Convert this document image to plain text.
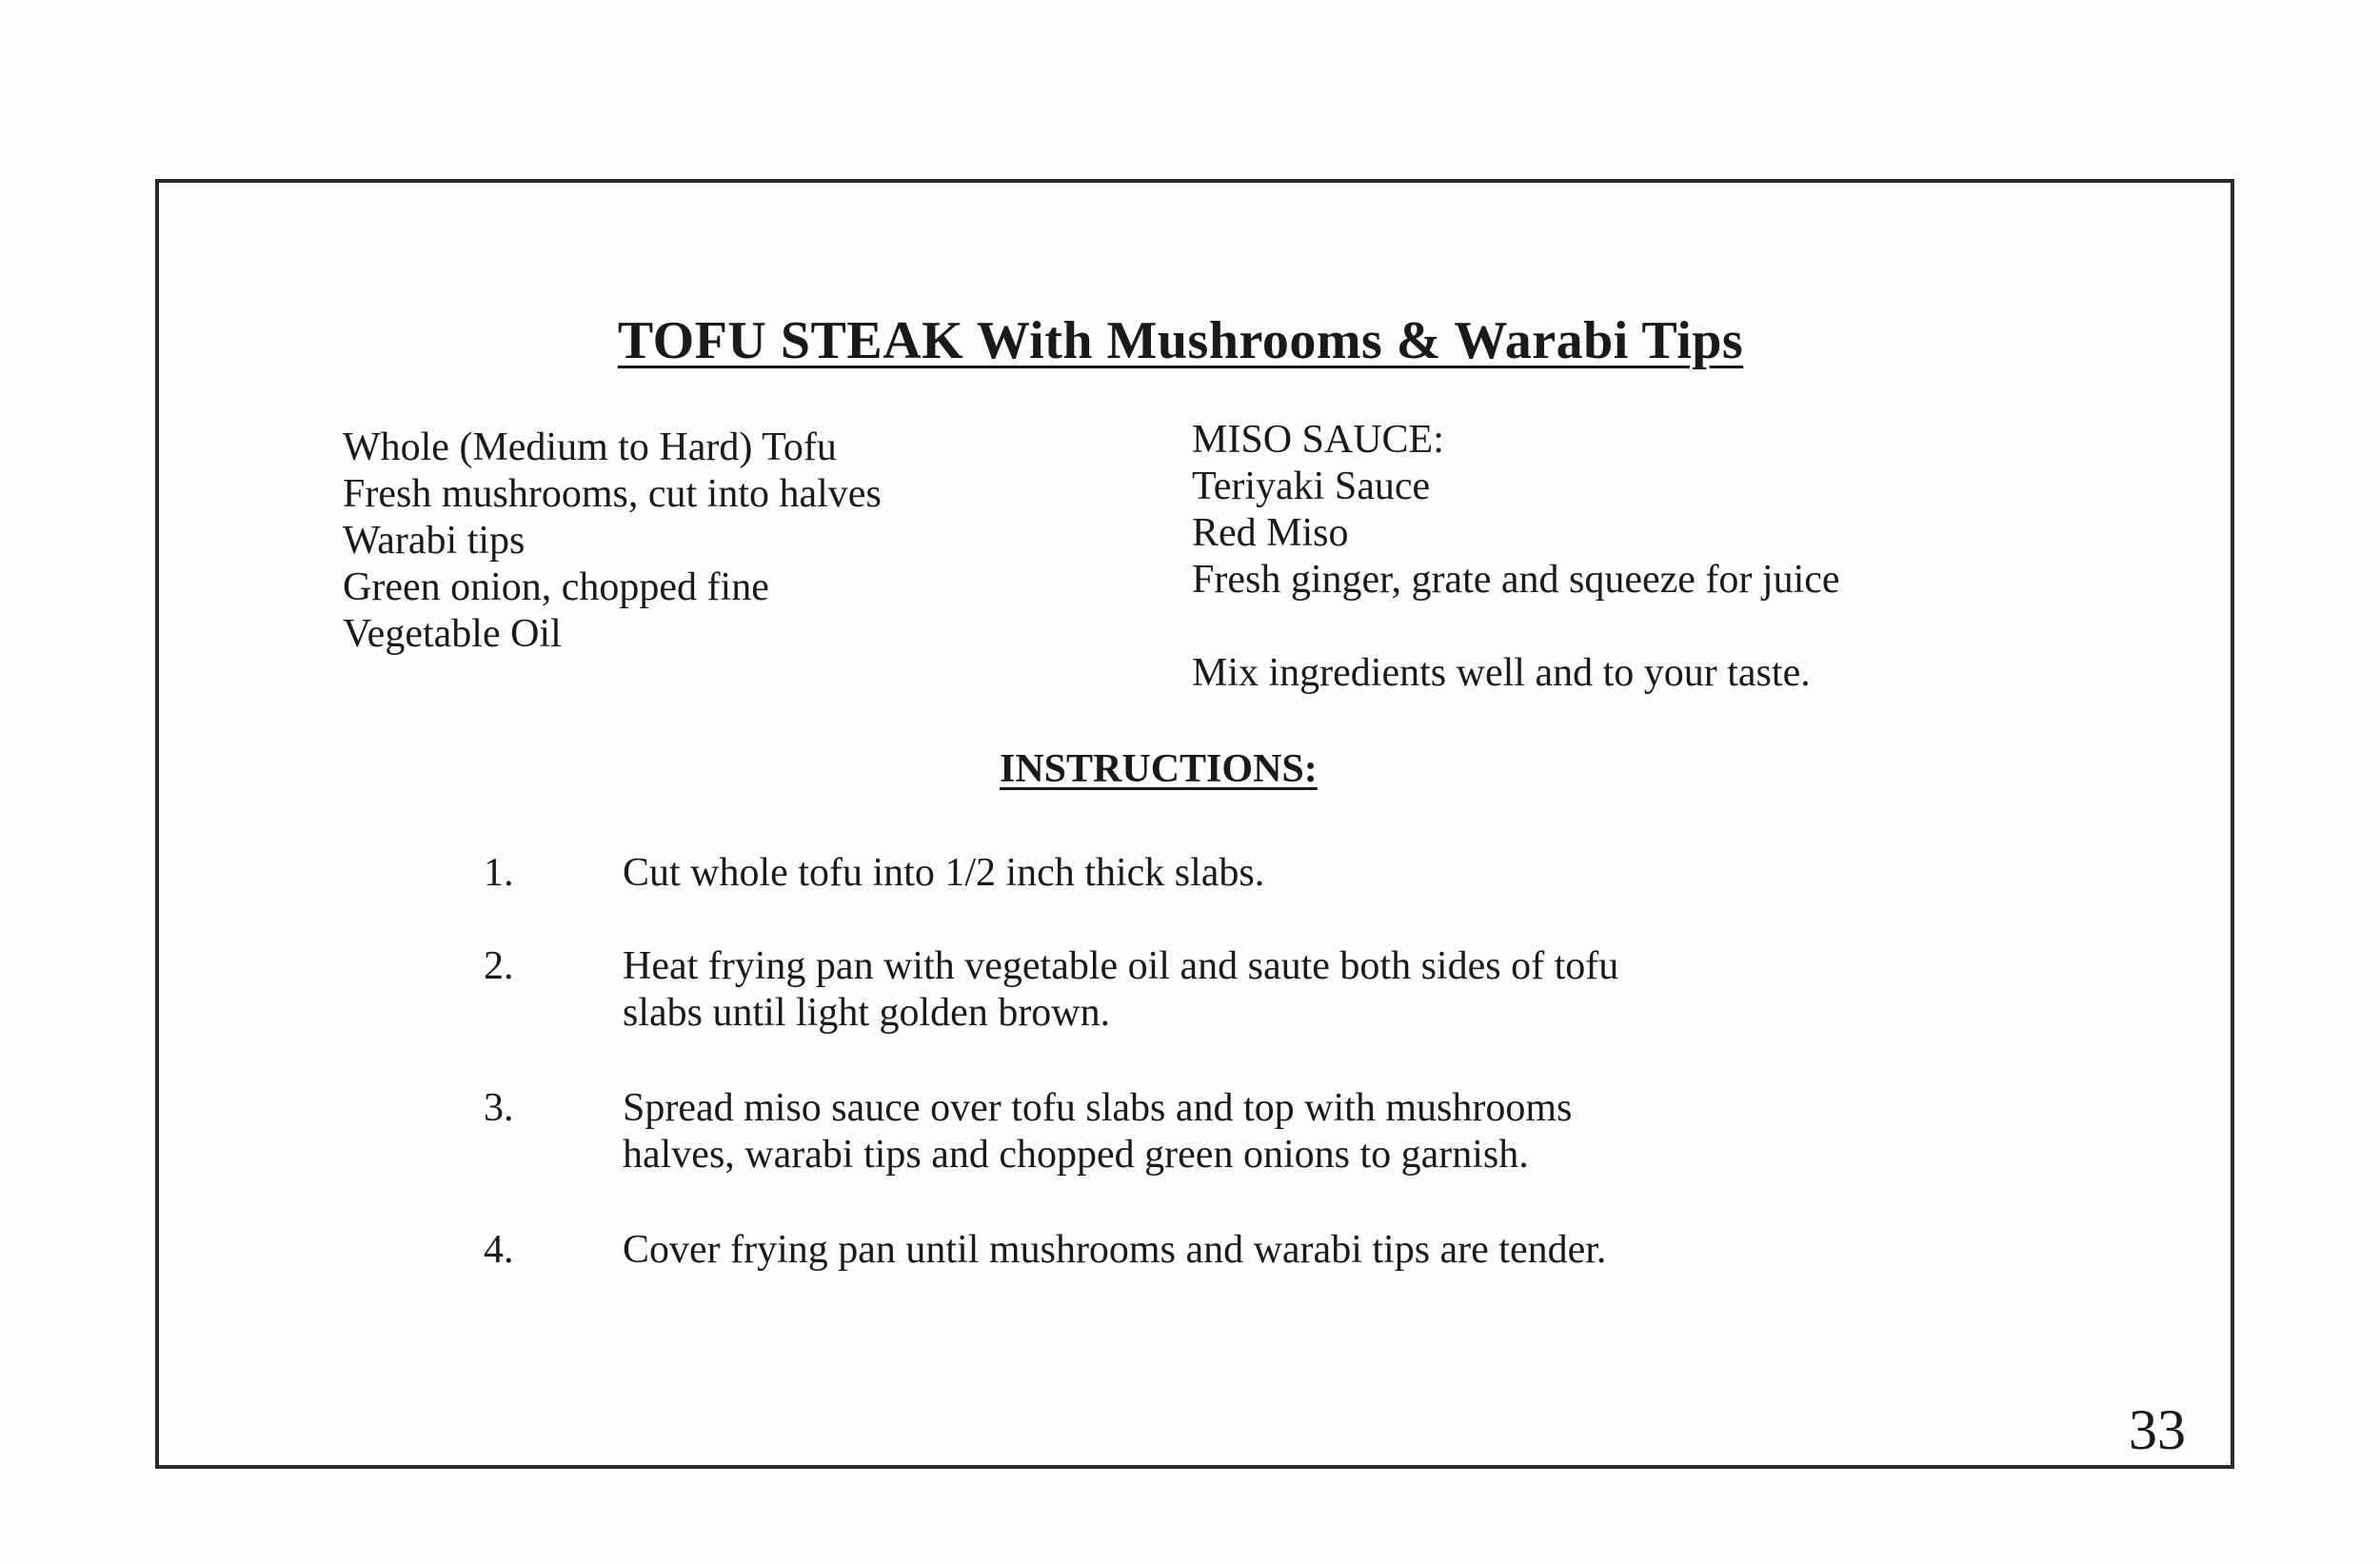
TOFU STEAK With Mushrooms & Warabi Tips
Whole (Medium to Hard) Tofu
Fresh mushrooms, cut into halves
Warabi tips
Green onion, chopped fine
Vegetable Oil
MISO SAUCE:
Teriyaki Sauce
Red Miso
Fresh ginger, grate and squeeze for juice
Mix ingredients well and to your taste.
INSTRUCTIONS:
1.	Cut whole tofu into 1/2 inch thick slabs.
2.	Heat frying pan with vegetable oil and saute both sides of tofu
slabs until light golden brown.
3.	Spread miso sauce over tofu slabs and top with mushrooms
halves, warabi tips and chopped green onions to garnish.
4.	Cover frying pan until mushrooms and warabi tips are tender.
33
